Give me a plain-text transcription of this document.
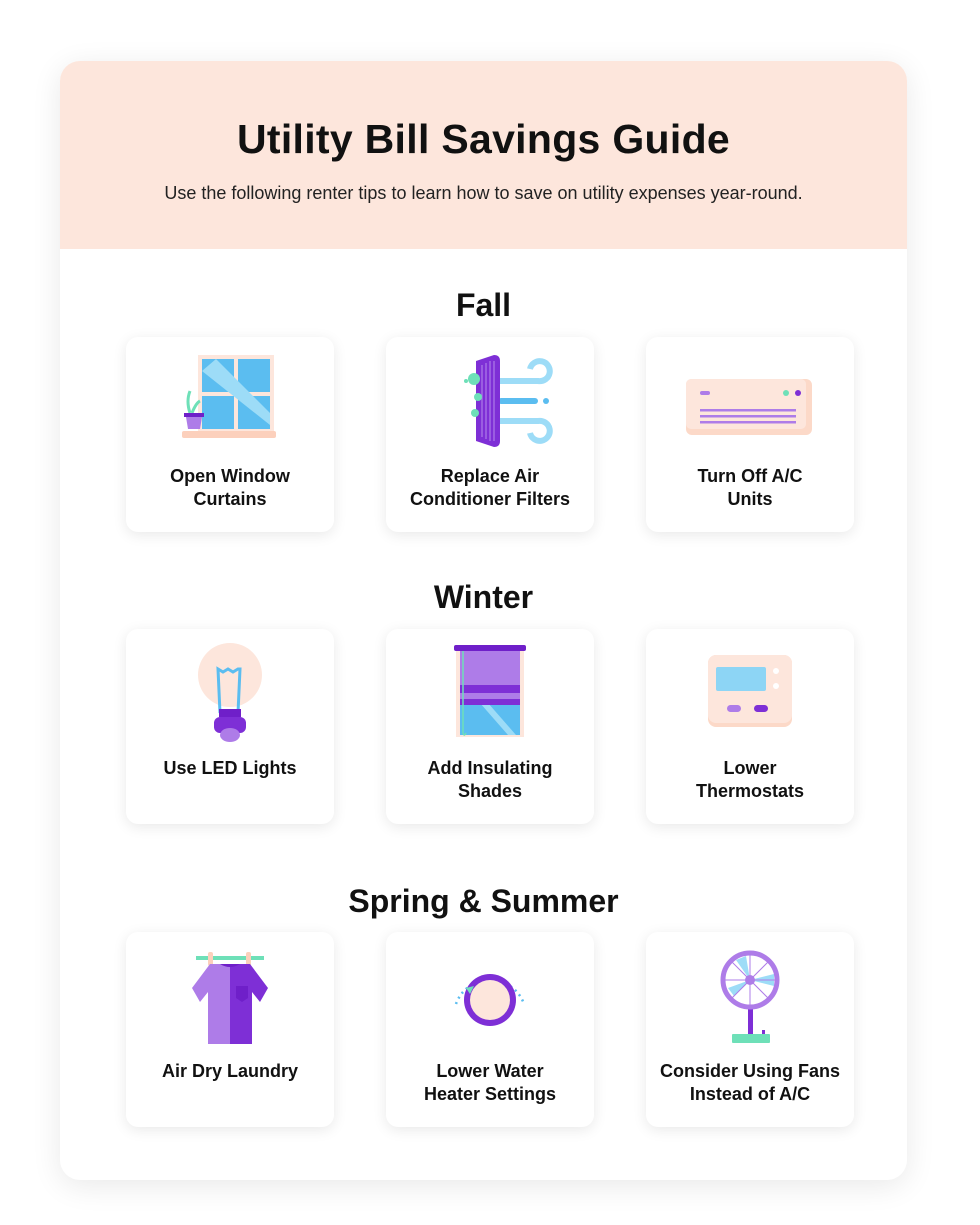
Utility Bill Savings Guide
Use the following renter tips to learn how to save on utility expenses year-round.
Fall
Winter
Spring & Summer
Open Window
Curtains
Replace Air
Conditioner Filters
Turn Off A/C
Units
Use LED Lights	Add Insulating
Shades
Lower
Thermostats
Air Dry Laundry	Lower Water
Heater Settings
Consider Using Fans
Instead of A/C
